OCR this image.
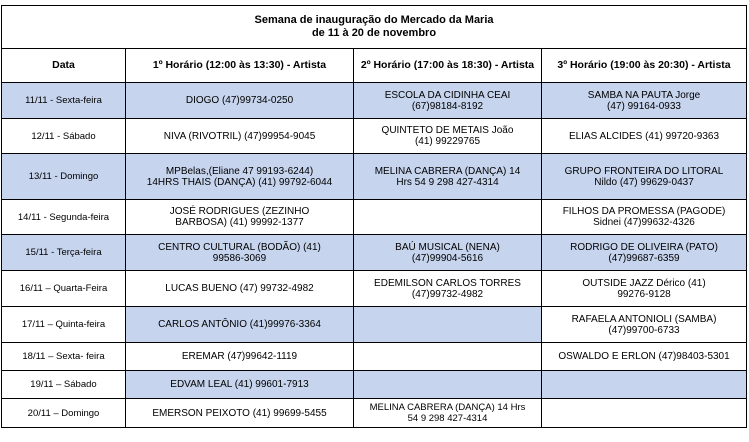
Semana de inauguração do Mercado da Maria
de 11 à 20 de novembro			

Data	1º Horário (12:00 às 13:30) - Artista	2º Horário (17:00 às 18:30) - Artista	3º Horário (19:00 às 20:30) - Artista
11/11 - Sexta-feira	DIOGO (47)99734-0250	ESCOLA DA CIDINHA CEAI
(67)98184-8192	SAMBA NA PAUTA Jorge
(47) 99164-0933
12/11 - Sábado	NIVA (RIVOTRIL) (47)99954-9045	QUINTETO DE METAIS João
(41) 99229765	ELIAS ALCIDES (41) 99720-9363
13/11 - Domingo	MPBelas,(Eliane 47 99193-6244)
14HRS THAIS (DANÇA) (41) 99792-6044	MELINA CABRERA (DANÇA) 14
Hrs 54 9 298 427-4314	GRUPO FRONTEIRA DO LITORAL
Nildo (47) 99629-0437
14/11 - Segunda-feira	JOSÉ RODRIGUES (ZEZINHO
BARBOSA) (41) 99992-1377		FILHOS DA PROMESSA (PAGODE)
Sidnei (47)99632-4326
15/11 - Terça-feira	CENTRO CULTURAL (BODÃO) (41)
99586-3069	BAÚ MUSICAL (NENA)
(47)99904-5616	RODRIGO DE OLIVEIRA (PATO)
(47)99687-6359
16/11 – Quarta-Feira	LUCAS BUENO (47) 99732-4982	EDEMILSON CARLOS TORRES
(47)99732-4982	OUTSIDE JAZZ Dérico (41)
99276-9128
17/11 – Quinta-feira	CARLOS ANTÔNIO (41)99976-3364		RAFAELA ANTONIOLI (SAMBA)
(47)99700-6733
18/11 – Sexta- feira	EREMAR (47)99642-1119		OSWALDO E ERLON (47)98403-5301
19/11 – Sábado	EDVAM LEAL (41) 99601-7913		
20/11 – Domingo	EMERSON PEIXOTO (41) 99699-5455	MELINA CABRERA (DANÇA) 14 Hrs
54 9 298 427-4314	
